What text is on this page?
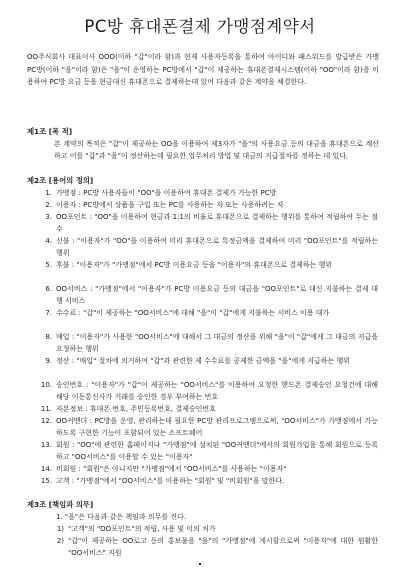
PC방 휴대폰결제 가맹점계약서
OO주식회사 대표이사 OOO(이하 "갑"이라 함)과 현재 사용자등록을 통하여 아이디와 패스워드를 발급받은 가맹 PC방(이하 "을"이라 함)은 "을"이 운영하는 PC방에서 "갑"이 제공하는 휴대폰결제시스템(이하 "OO"이라 함)을 이용하여 PC방 요금 등을 현금대신 휴대폰으로 결제하는데 있어 다음과 같은 계약을 체결한다.
제1조 [목 적]
본 계약의 목적은 "갑"이 제공하는 OO을 이용하여 제3자가 "을"의 사용요금 등의 대금을 휴대폰으로 계산하고 이를 "갑"과 "을"이 정산하는데 필요한 업무처리 방법 및 대금의 지급절차를 정하는 데 있다.
제2조 [용어의 정의]
1. 가맹점 : PC방 사용자들이 "OO"을 이용하여 휴대폰 결제가 가능한 PC방
2. 이용자 : PC방에서 상품을 구입 또는 PC를 사용하는 자 또는 사용하려는 자
3. OO포인트 : "OO"을 이용하여 현금과 1:1의 비율로 휴대폰으로 결제하는 행위를 통하여 적립하여 두는 점수
4. 선불 : "이용자"가 "OO"을 이용하여 미리 휴대폰으로 특정금액을 결제하여 미리 "OO포인트"를 적립하는 행위
5. 후불 : "이용자"가 "가맹점"에서 PC방 이용요금 등을 "이용자"의 휴대폰으로 결제하는 행위
6. OO서비스 : "가맹점"에서 "이용자"가 PC방 이용요금 등의 대금을 "OO포인트"로 대신 지불하는 결제 대행 서비스
7. 수수료 : "갑"이 제공하는 "OO서비스"에 대해 "을"이 "갑"에게 지불하는 서비스 이용 대가
8. 매입 : "이용자"가 사용한 "OO서비스"에 대해서 그 대금의 정산을 위해 "을"이 "갑"에게 그 대금의 지급을 요청하는 행위
9. 정산 : "매입" 절차에 의거하여 "갑"과 관련한 제 수수료를 공제한 금액을 "을"에게 지급하는 행위
10. 승인번호 : "이용자"가 "갑"이 제공하는 "OO서비스"를 이용하여 요청한 핸드폰 결제승인 요청건에 대해 해당 이동통신사가 거래를 승인한 경우 부여하는 번호
11. 자본정보 : 휴대폰 번호, 주민등록번호, 결제승인번호
12. OO커맨더 : PC방을 운영, 관리하는데 필요한 PC방 관리프로그램으로써, "OO서비스"가 가맹점에서 가능하도록 구현한 기능이 포함되어 있는 소프트웨어
13. 회원 : "OO"에 관련한 홈페이지나 "가맹점"에 설치된 "OO커맨더"에서의 회원가입을 통해 회원으로 등록하고 "OO서비스"를 이용할 수 있는 "이용자"
14. 비회원 : "회원"은 아니지만 "가맹점"에서 "OO서비스"를 사용하는 "이용자"
15. 고객 : "가맹점"에서 "OO서비스"를 이용하는 "회원" 및 "비회원"을 말한다.
제3조 [책임과 의무]
1. "을"은 다음과 같은 책임과 의무를 진다.
1) "고객"의 "OO포인트"의 적립, 사용 및 이의 처가
2) "갑"이 제공하는 OO로고 등의 홍보물을 "을"의 "가맹점"에 게시함으로써 "이용자"에 대한 원활한 "OO서비스" 지원
